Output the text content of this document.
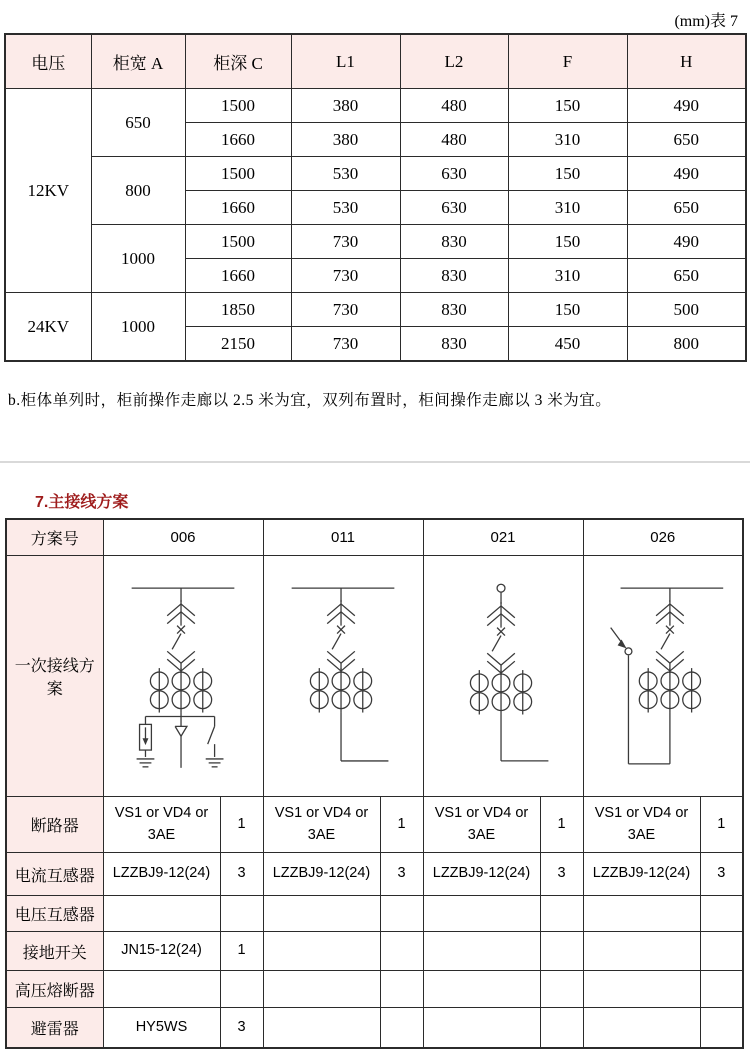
(mm)表 7
电压	柜宽 A	柜深 C	L1	L2	F	H
12KV	650	1500	380	480	150	490
		1660	380	480	310	650
	800	1500	530	630	150	490
		1660	530	630	310	650
	1000	1500	730	830	150	490
		1660	730	830	310	650
24KV	1000	1850	730	830	150	500
		2150	730	830	450	800
b.柜体单列时，柜前操作走廊以 2.5 米为宜，双列布置时，柜间操作走廊以 3 米为宜。
7.主接线方案
方案号	006		011		021		026	
一次接线方案	

断路器	VS1 or VD4 or 3AE	1	VS1 or VD4 or 3AE	1	VS1 or VD4 or 3AE	1	VS1 or VD4 or 3AE	1
电流互感器	LZZBJ9-12(24)	3	LZZBJ9-12(24)	3	LZZBJ9-12(24)	3	LZZBJ9-12(24)	3
电压互感器								
接地开关	JN15-12(24)	1						
高压熔断器								
避雷器	HY5WS	3						
